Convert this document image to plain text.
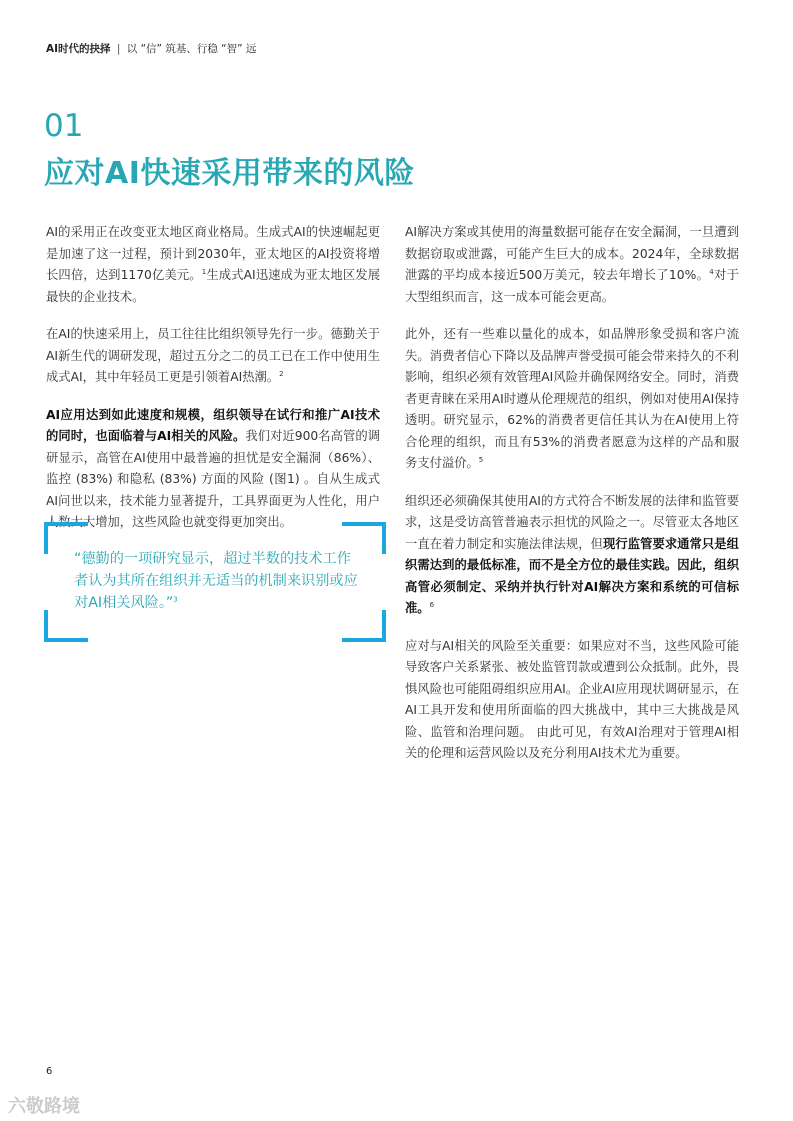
AI时代的抉择 | 以 “信” 筑基、行稳 “智” 远
01
应对AI快速采用带来的风险

AI的采用正在改变亚太地区商业格局。生成式AI的快速崛起更是加速了这一过程，预计到2030年，亚太地区的AI投资将增长四倍，达到1170亿美元。$^1$生成式AI迅速成为亚太地区发展最快的企业技术。

在AI的快速采用上，员工往往比组织领导先行一步。德勤关于AI新生代的调研发现，超过五分之二的员工已在工作中使用生成式AI，其中年轻员工更是引领着AI热潮。$^2$

AI应用达到如此速度和规模，组织领导在试行和推广AI技术的同时，也面临着与AI相关的风险。我们对近900名高管的调研显示，高管在AI使用中最普遍的担忧是安全漏洞（86%）、监控 (83%) 和隐私 (83%) 方面的风险 (图1) 。自从生成式AI问世以来，技术能力显著提升，工具界面更为人性化，用户人数大大增加，这些风险也就变得更加突出。

“德勤的一项研究显示，超过半数的技术工作者认为其所在组织并无适当的机制来识别或应对AI相关风险。”$^3$

AI解决方案或其使用的海量数据可能存在安全漏洞，一旦遭到数据窃取或泄露，可能产生巨大的成本。2024年，全球数据泄露的平均成本接近500万美元，较去年增长了10%。$^4$对于大型组织而言，这一成本可能会更高。

此外，还有一些难以量化的成本，如品牌形象受损和客户流失。消费者信心下降以及品牌声誉受损可能会带来持久的不利影响，组织必须有效管理AI风险并确保网络安全。同时，消费者更青睐在采用AI时遵从伦理规范的组织，例如对使用AI保持透明。研究显示，62%的消费者更信任其认为在AI使用上符合伦理的组织，而且有53%的消费者愿意为这样的产品和服务支付溢价。$^5$

组织还必须确保其使用AI的方式符合不断发展的法律和监管要求，这是受访高管普遍表示担忧的风险之一。尽管亚太各地区一直在着力制定和实施法律法规，但现行监管要求通常只是组织需达到的最低标准，而不是全方位的最佳实践。因此，组织高管必须制定、采纳并执行针对AI解决方案和系统的可信标准。$^6$

应对与AI相关的风险至关重要：如果应对不当，这些风险可能导致客户关系紧张、被处监管罚款或遭到公众抵制。此外，畏惧风险也可能阻碍组织应用AI。企业AI应用现状调研显示，在AI工具开发和使用所面临的四大挑战中，其中三大挑战是风险、监管和治理问题。 由此可见，有效AI治理对于管理AI相关的伦理和运营风险以及充分利用AI技术尤为重要。

6
六敬路境
